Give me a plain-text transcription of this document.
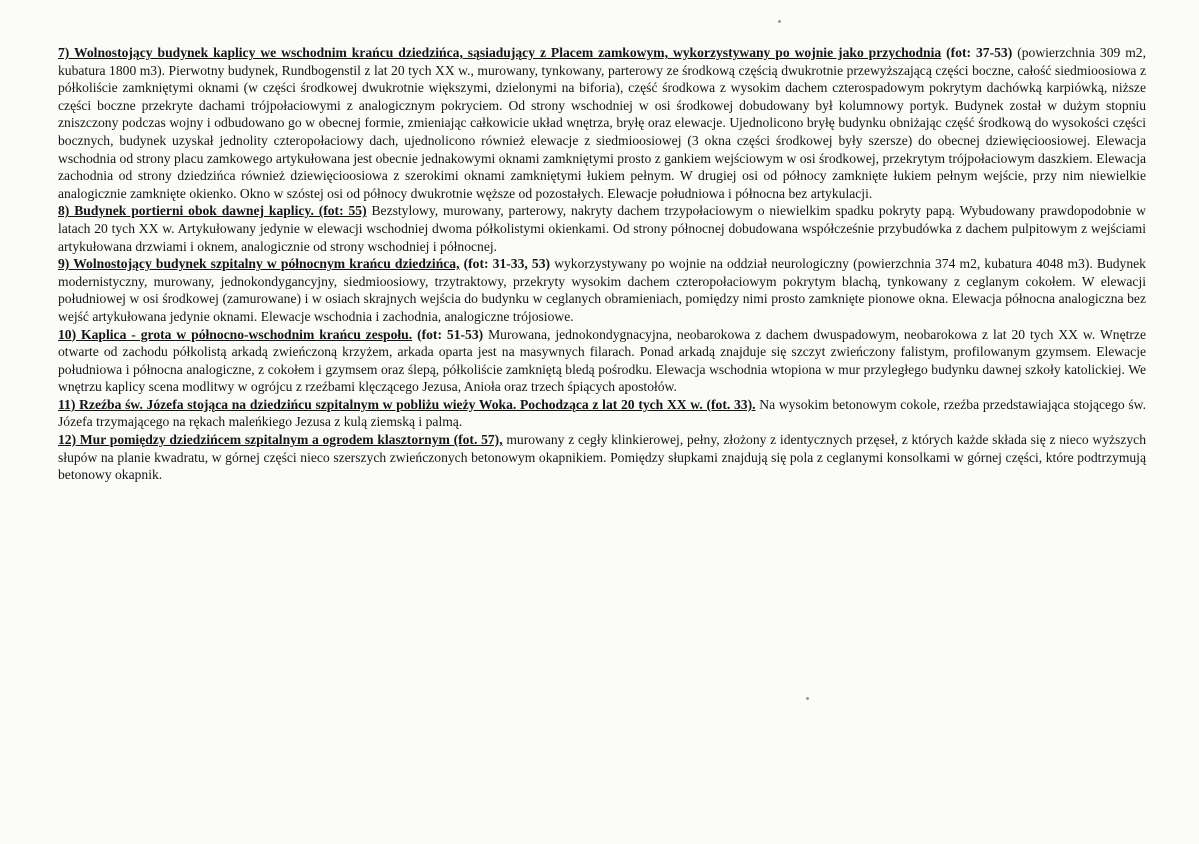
7) Wolnostojący budynek kaplicy we wschodnim krańcu dziedzińca, sąsiadujący z Placem zamkowym, wykorzystywany po wojnie jako przychodnia (fot: 37-53) (powierzchnia 309 m2, kubatura 1800 m3). Pierwotny budynek, Rundbogenstil z lat 20 tych XX w., murowany, tynkowany, parterowy ze środkową częścią dwukrotnie przewyższającą części boczne, całość siedmioosiowa z półkoliście zamkniętymi oknami (w części środkowej dwukrotnie większymi, dzielonymi na biforia), część środkowa z wysokim dachem czterospadowym pokrytym dachówką karpiówką, niższe części boczne przekryte dachami trójpołaciowymi z analogicznym pokryciem. Od strony wschodniej w osi środkowej dobudowany był kolumnowy portyk. Budynek został w dużym stopniu zniszczony podczas wojny i odbudowano go w obecnej formie, zmieniając całkowicie układ wnętrza, bryłę oraz elewacje. Ujednolicono bryłę budynku obniżając część środkową do wysokości części bocznych, budynek uzyskał jednolity czteropołaciowy dach, ujednolicono również elewacje z siedmioosiowej (3 okna części środkowej były szersze) do obecnej dziewięcioosiowej. Elewacja wschodnia od strony placu zamkowego artykułowana jest obecnie jednakowymi oknami zamkniętymi prosto z gankiem wejściowym w osi środkowej, przekrytym trójpołaciowym daszkiem. Elewacja zachodnia od strony dziedzińca również dziewięcioosiowa z szerokimi oknami zamkniętymi łukiem pełnym. W drugiej osi od północy zamknięte łukiem pełnym wejście, przy nim niewielkie analogicznie zamknięte okienko. Okno w szóstej osi od północy dwukrotnie węższe od pozostałych. Elewacje południowa i północna bez artykulacji.

8) Budynek portierni obok dawnej kaplicy. (fot: 55) Bezstylowy, murowany, parterowy, nakryty dachem trzypołaciowym o niewielkim spadku pokryty papą. Wybudowany prawdopodobnie w latach 20 tych XX w. Artykułowany jedynie w elewacji wschodniej dwoma półkolistymi okienkami. Od strony północnej dobudowana współcześnie przybudówka z dachem pulpitowym z wejściami artykułowana drzwiami i oknem, analogicznie od strony wschodniej i północnej.

9) Wolnostojący budynek szpitalny w północnym krańcu dziedzińca, (fot: 31-33, 53) wykorzystywany po wojnie na oddział neurologiczny (powierzchnia 374 m2, kubatura 4048 m3). Budynek modernistyczny, murowany, jednokondygancyjny, siedmioosiowy, trzytraktowy, przekryty wysokim dachem czteropołaciowym pokrytym blachą, tynkowany z ceglanym cokołem. W elewacji południowej w osi środkowej (zamurowane) i w osiach skrajnych wejścia do budynku w ceglanych obramieniach, pomiędzy nimi prosto zamknięte pionowe okna. Elewacja północna analogiczna bez wejść artykułowana jedynie oknami. Elewacje wschodnia i zachodnia, analogiczne trójosiowe.

10) Kaplica - grota w północno-wschodnim krańcu zespołu. (fot: 51-53) Murowana, jednokondygnacyjna, neobarokowa z dachem dwuspadowym, neobarokowa z lat 20 tych XX w. Wnętrze otwarte od zachodu półkolistą arkadą zwieńczoną krzyżem, arkada oparta jest na masywnych filarach. Ponad arkadą znajduje się szczyt zwieńczony falistym, profilowanym gzymsem. Elewacje południowa i północna analogiczne, z cokołem i gzymsem oraz ślepą, półkoliście zamkniętą bledą pośrodku. Elewacja wschodnia wtopiona w mur przyległego budynku dawnej szkoły katolickiej. We wnętrzu kaplicy scena modlitwy w ogrójcu z rzeźbami klęczącego Jezusa, Anioła oraz trzech śpiących apostołów.

11) Rzeźba św. Józefa stojąca na dziedzińcu szpitalnym w pobliżu wieży Woka. Pochodząca z lat 20 tych XX w. (fot. 33). Na wysokim betonowym cokole, rzeźba przedstawiająca stojącego św. Józefa trzymającego na rękach maleńkiego Jezusa z kulą ziemską i palmą.

12) Mur pomiędzy dziedzińcem szpitalnym a ogrodem klasztornym (fot. 57), murowany z cegły klinkierowej, pełny, złożony z identycznych przęseł, z których każde składa się z nieco wyższych słupów na planie kwadratu, w górnej części nieco szerszych zwieńczonych betonowym okapnikiem. Pomiędzy słupkami znajdują się pola z ceglanymi konsolkami w górnej części, które podtrzymują betonowy okapnik.
